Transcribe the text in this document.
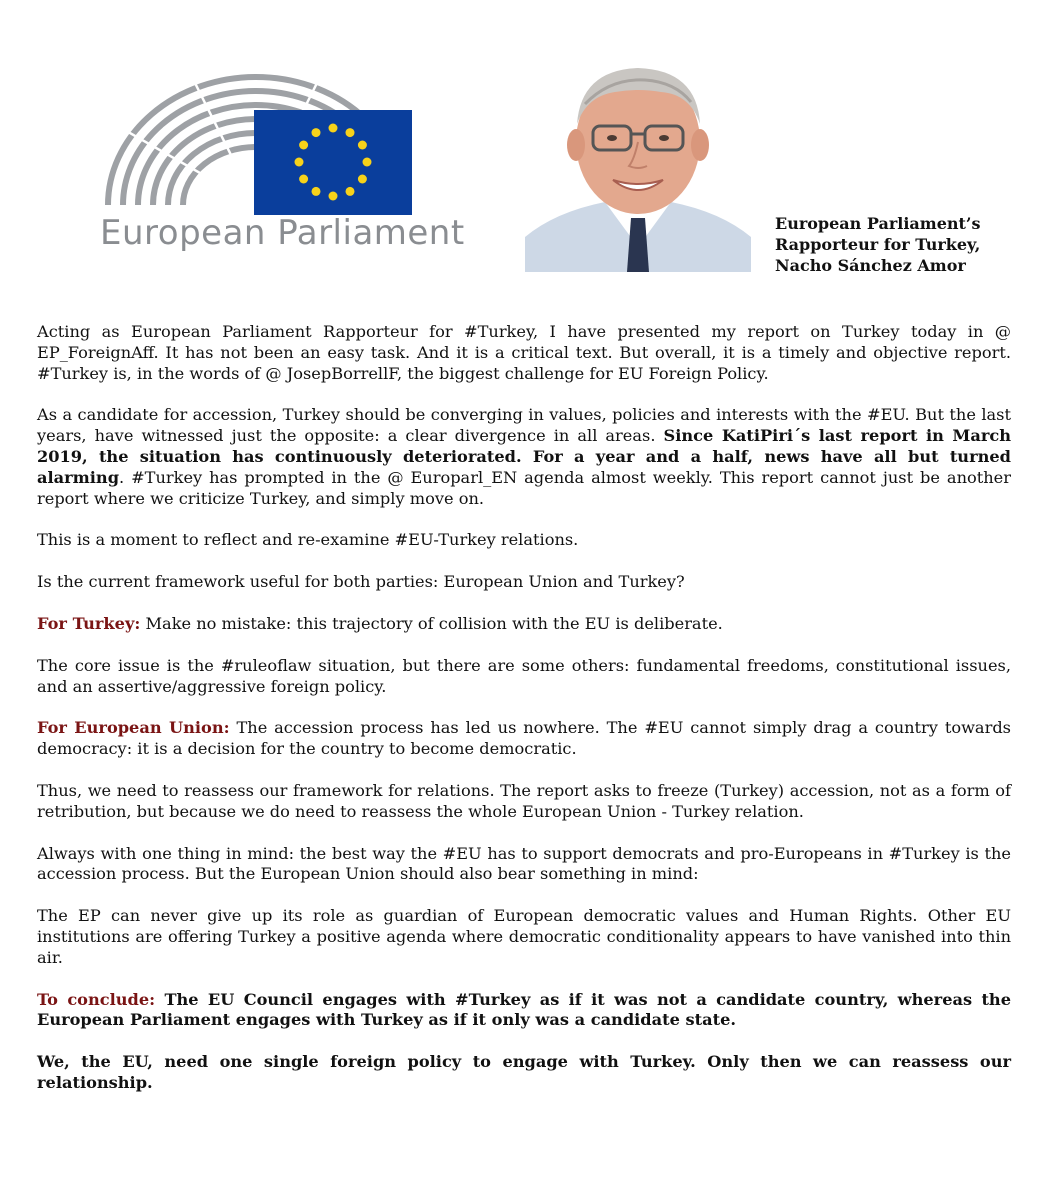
European Parliament	European Parliament’s
Rapporteur for Turkey,
Nacho Sánchez Amor

Acting as European Parliament Rapporteur for #Turkey, I have presented my report on Turkey today in @ EP_ForeignAff. It has not been an easy task. And it is a critical text. But overall, it is a timely and objective report. #Turkey is, in the words of @ JosepBorrellF, the biggest challenge for EU Foreign Policy.

As a candidate for accession, Turkey should be converging in values, policies and interests with the #EU. But the last years, have witnessed just the opposite: a clear divergence in all areas. Since KatiPiri´s last report in March 2019, the situation has continuously deteriorated. For a year and a half, news have all but turned alarming. #Turkey has prompted in the @ Europarl_EN agenda almost weekly. This report cannot just be another report where we criticize Turkey, and simply move on.

This is a moment to reflect and re-examine #EU-Turkey relations.

Is the current framework useful for both parties: European Union and Turkey?

For Turkey: Make no mistake: this trajectory of collision with the EU is deliberate.

The core issue is the #ruleoflaw situation, but there are some others: fundamental freedoms, constitutional issues, and an assertive/aggressive foreign policy.

For European Union: The accession process has led us nowhere. The #EU cannot simply drag a country towards democracy: it is a decision for the country to become democratic.

Thus, we need to reassess our framework for relations. The report asks to freeze (Turkey) accession, not as a form of retribution, but because we do need to reassess the whole European Union - Turkey relation.

Always with one thing in mind: the best way the #EU has to support democrats and pro-Europeans in #Turkey is the accession process. But the European Union should also bear something in mind:

The EP can never give up its role as guardian of European democratic values and Human Rights. Other EU institutions are offering Turkey a positive agenda where democratic conditionality appears to have vanished into thin air.

To conclude: The EU Council engages with #Turkey as if it was not a candidate country, whereas the European Parliament engages with Turkey as if it only was a candidate state.

We, the EU, need one single foreign policy to engage with Turkey. Only then we can reassess our relationship.
